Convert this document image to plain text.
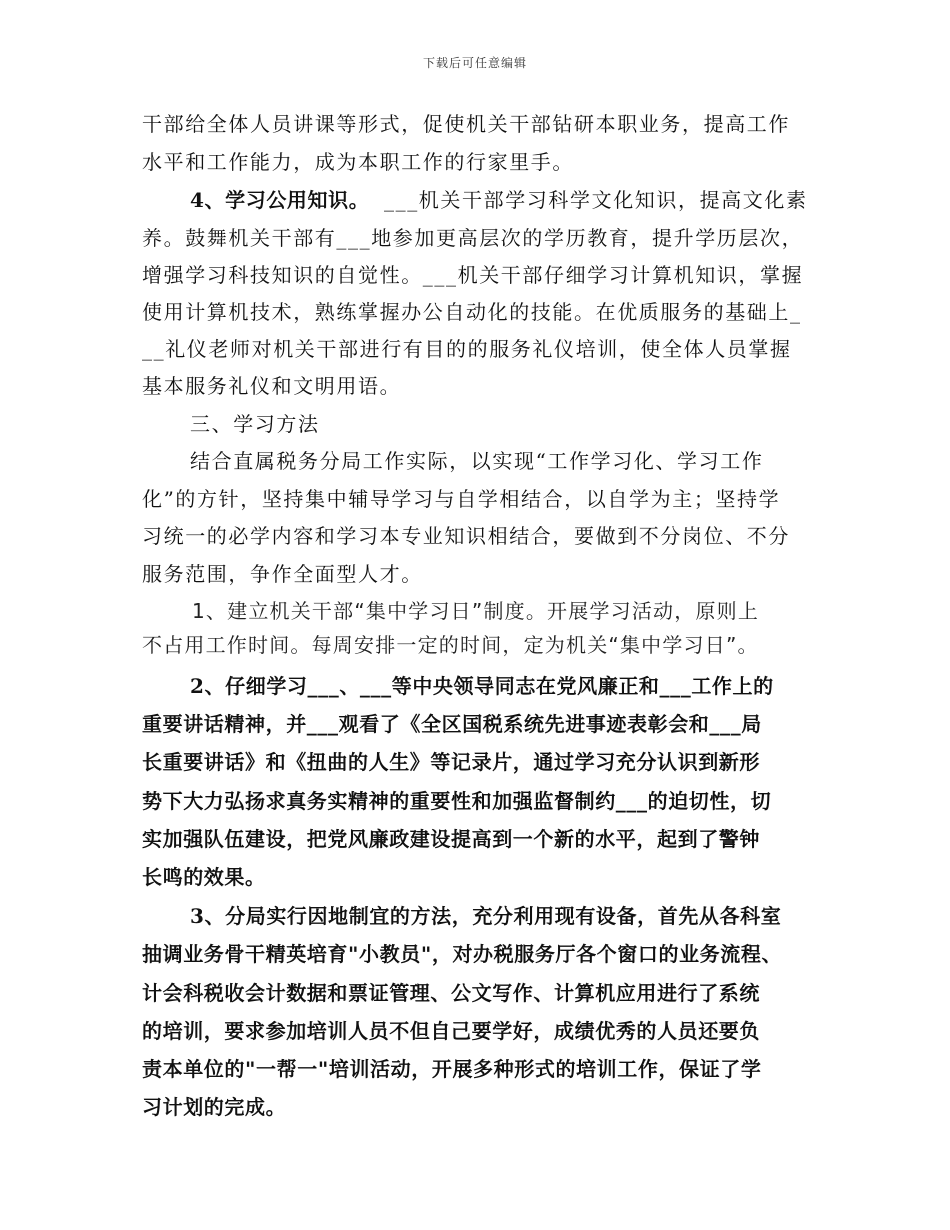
下载后可任意编辑
干部给全体人员讲课等形式，促使机关干部钻研本职业务，提高工作
水平和工作能力，成为本职工作的行家里手。
4、学习公用知识。 ___机关干部学习科学文化知识，提高文化素
养。鼓舞机关干部有___地参加更高层次的学历教育，提升学历层次，
增强学习科技知识的自觉性。___机关干部仔细学习计算机知识，掌握
使用计算机技术，熟练掌握办公自动化的技能。在优质服务的基础上_
__礼仪老师对机关干部进行有目的的服务礼仪培训，使全体人员掌握
基本服务礼仪和文明用语。
三、学习方法
结合直属税务分局工作实际，以实现“工作学习化、学习工作
化”的方针，坚持集中辅导学习与自学相结合，以自学为主；坚持学
习统一的必学内容和学习本专业知识相结合，要做到不分岗位、不分
服务范围，争作全面型人才。
1、建立机关干部“集中学习日”制度。开展学习活动，原则上
不占用工作时间。每周安排一定的时间，定为机关“集中学习日”。
2、仔细学习___、___等中央领导同志在党风廉正和___工作上的
重要讲话精神，并___观看了《全区国税系统先进事迹表彰会和___局
长重要讲话》和《扭曲的人生》等记录片，通过学习充分认识到新形
势下大力弘扬求真务实精神的重要性和加强监督制约___的迫切性，切
实加强队伍建设，把党风廉政建设提高到一个新的水平，起到了警钟
长鸣的效果。
3、分局实行因地制宜的方法，充分利用现有设备，首先从各科室
抽调业务骨干精英培育"小教员"，对办税服务厅各个窗口的业务流程、
计会科税收会计数据和票证管理、公文写作、计算机应用进行了系统
的培训，要求参加培训人员不但自己要学好，成绩优秀的人员还要负
责本单位的"一帮一"培训活动，开展多种形式的培训工作，保证了学
习计划的完成。
